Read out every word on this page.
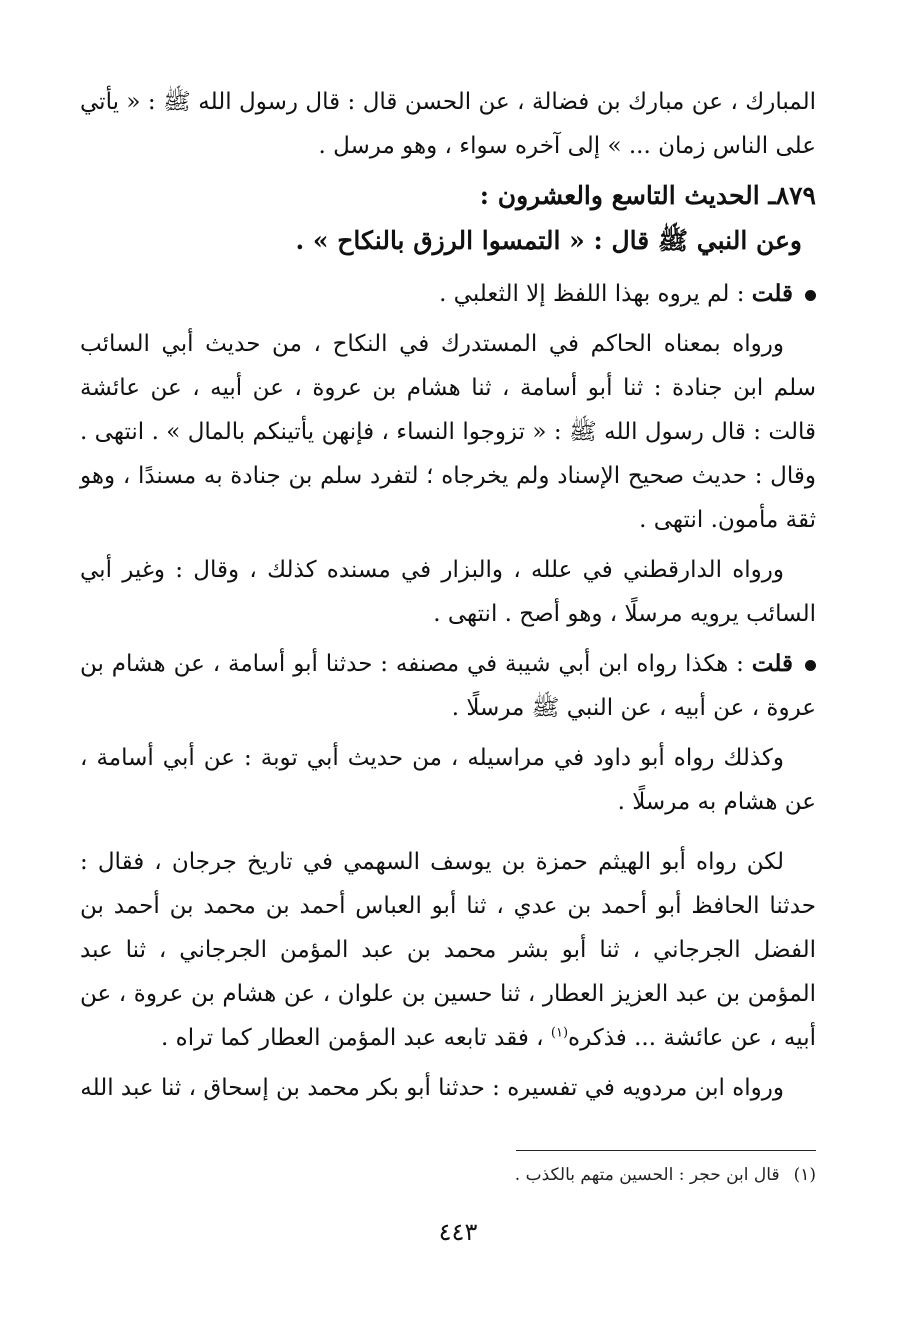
المبارك ، عن مبارك بن فضالة ، عن الحسن قال : قال رسول الله ﷺ : « يأتي على الناس زمان ... » إلى آخره سواء ، وهو مرسل .

٨٧٩ـ الحديث التاسع والعشرون :

وعن النبي ﷺ قال : « التمسوا الرزق بالنكاح » .

قلت : لم يروه بهذا اللفظ إلا الثعلبي .

ورواه بمعناه الحاكم في المستدرك في النكاح ، من حديث أبي السائب سلم ابن جنادة : ثنا أبو أسامة ، ثنا هشام بن عروة ، عن أبيه ، عن عائشة قالت : قال رسول الله ﷺ : « تزوجوا النساء ، فإنهن يأتينكم بالمال » . انتهى . وقال : حديث صحيح الإسناد ولم يخرجاه ؛ لتفرد سلم بن جنادة به مسندًا ، وهو ثقة مأمون. انتهى .

ورواه الدارقطني في علله ، والبزار في مسنده كذلك ، وقال : وغير أبي السائب يرويه مرسلًا ، وهو أصح . انتهى .

قلت : هكذا رواه ابن أبي شيبة في مصنفه : حدثنا أبو أسامة ، عن هشام بن عروة ، عن أبيه ، عن النبي ﷺ مرسلًا .

وكذلك رواه أبو داود في مراسيله ، من حديث أبي توبة : عن أبي أسامة ، عن هشام به مرسلًا .

لكن رواه أبو الهيثم حمزة بن يوسف السهمي في تاريخ جرجان ، فقال : حدثنا الحافظ أبو أحمد بن عدي ، ثنا أبو العباس أحمد بن محمد بن أحمد بن الفضل الجرجاني ، ثنا أبو بشر محمد بن عبد المؤمن الجرجاني ، ثنا عبد المؤمن بن عبد العزيز العطار ، ثنا حسين بن علوان ، عن هشام بن عروة ، عن أبيه ، عن عائشة ... فذكره$^{(١)}$ ، فقد تابعه عبد المؤمن العطار كما تراه .

ورواه ابن مردويه في تفسيره : حدثنا أبو بكر محمد بن إسحاق ، ثنا عبد الله

(١)قال ابن حجر : الحسين متهم بالكذب .
٤٤٣
